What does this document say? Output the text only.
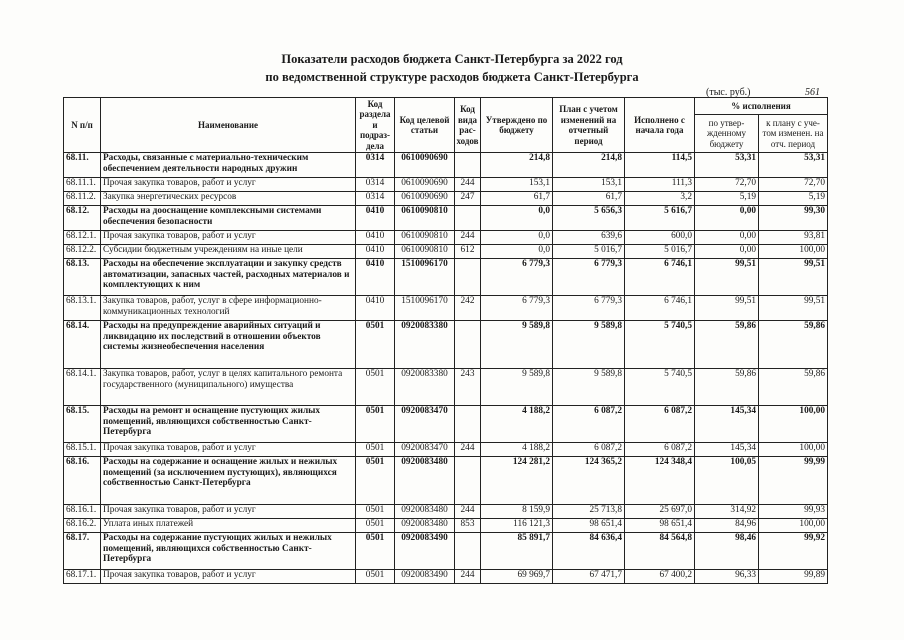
Показатели расходов бюджета Санкт-Петербурга за 2022 год
по ведомственной структуре расходов бюджета Санкт-Петербурга
(тыс. руб.)	561
N п/п	Наименование	Код раздела и подраз-дела	Код целевой статьи	Код вида рас-ходов	Утверждено по бюджету	План с учетом изменений на отчетный период	Исполнено с начала года	% исполнения	
								по утвер-жденному бюджету	к плану с уче-том изменен. на отч. период
68.11.	Расходы, связанные с материально-техническим обеспечением деятельности народных дружин	0314	0610090690		214,8	214,8	114,5	53,31	53,31
68.11.1.	Прочая закупка товаров, работ и услуг	0314	0610090690	244	153,1	153,1	111,3	72,70	72,70
68.11.2.	Закупка энергетических ресурсов	0314	0610090690	247	61,7	61,7	3,2	5,19	5,19
68.12.	Расходы на дооснащение комплексными системами обеспечения безопасности	0410	0610090810		0,0	5 656,3	5 616,7	0,00	99,30
68.12.1.	Прочая закупка товаров, работ и услуг	0410	0610090810	244	0,0	639,6	600,0	0,00	93,81
68.12.2.	Субсидии бюджетным учреждениям на иные цели	0410	0610090810	612	0,0	5 016,7	5 016,7	0,00	100,00
68.13.	Расходы на обеспечение эксплуатации и закупку средств автоматизации, запасных частей, расходных материалов и комплектующих к ним	0410	1510096170		6 779,3	6 779,3	6 746,1	99,51	99,51
68.13.1.	Закупка товаров, работ, услуг в сфере информационно-коммуникационных технологий	0410	1510096170	242	6 779,3	6 779,3	6 746,1	99,51	99,51
68.14.	Расходы на предупреждение аварийных ситуаций и ликвидацию их последствий в отношении объектов системы жизнеобеспечения населения	0501	0920083380		9 589,8	9 589,8	5 740,5	59,86	59,86
68.14.1.	Закупка товаров, работ, услуг в целях капитального ремонта государственного (муниципального) имущества	0501	0920083380	243	9 589,8	9 589,8	5 740,5	59,86	59,86
68.15.	Расходы на ремонт и оснащение пустующих жилых помещений, являющихся собственностью Санкт-Петербурга	0501	0920083470		4 188,2	6 087,2	6 087,2	145,34	100,00
68.15.1.	Прочая закупка товаров, работ и услуг	0501	0920083470	244	4 188,2	6 087,2	6 087,2	145,34	100,00
68.16.	Расходы на содержание и оснащение жилых и нежилых помещений (за исключением пустующих), являющихся собственностью Санкт-Петербурга	0501	0920083480		124 281,2	124 365,2	124 348,4	100,05	99,99
68.16.1.	Прочая закупка товаров, работ и услуг	0501	0920083480	244	8 159,9	25 713,8	25 697,0	314,92	99,93
68.16.2.	Уплата иных платежей	0501	0920083480	853	116 121,3	98 651,4	98 651,4	84,96	100,00
68.17.	Расходы на содержание пустующих жилых и нежилых помещений, являющихся собственностью Санкт-Петербурга	0501	0920083490		85 891,7	84 636,4	84 564,8	98,46	99,92
68.17.1.	Прочая закупка товаров, работ и услуг	0501	0920083490	244	69 969,7	67 471,7	67 400,2	96,33	99,89
